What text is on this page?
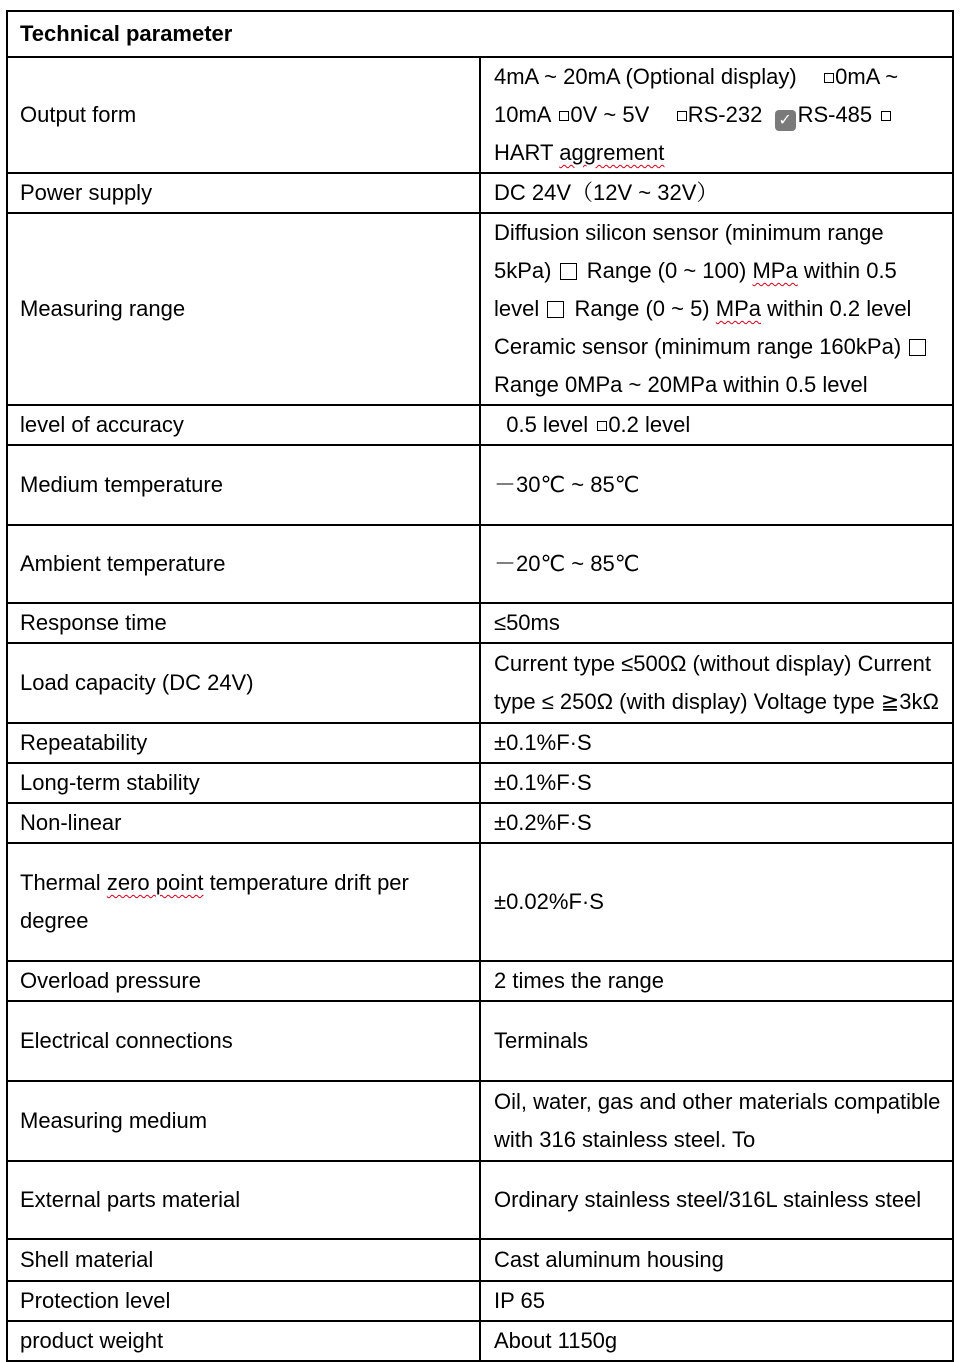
Technical parameter	
Output form	4mA ~ 20mA (Optional display) 0mA ~ 10mA 0V ~ 5V RS-232 ✓ RS-485 HART aggrement
Power supply	DC 24V（12V ~ 32V）
Measuring range	Diffusion silicon sensor (minimum range 5kPa) Range (0 ~ 100) MPa within 0.5 level Range (0 ~ 5) MPa within 0.2 level Ceramic sensor (minimum range 160kPa)  Range 0MPa ~ 20MPa within 0.5 level
level of accuracy	0.5 level 0.2 level
Medium temperature	－30℃ ~ 85℃
Ambient temperature	－20℃ ~ 85℃
Response time	≤50ms
Load capacity (DC 24V)	Current type ≤500Ω (without display) Current type ≤ 250Ω (with display) Voltage type ≧3kΩ
Repeatability	±0.1%F·S
Long-term stability	±0.1%F·S
Non-linear	±0.2%F·S
Thermal zero point temperature drift per degree	±0.02%F·S
Overload pressure	2 times the range
Electrical connections	Terminals
Measuring medium	Oil, water, gas and other materials compatible with 316 stainless steel. To
External parts material	Ordinary stainless steel/316L stainless steel
Shell material	Cast aluminum housing
Protection level	IP 65
product weight	About 1150g
